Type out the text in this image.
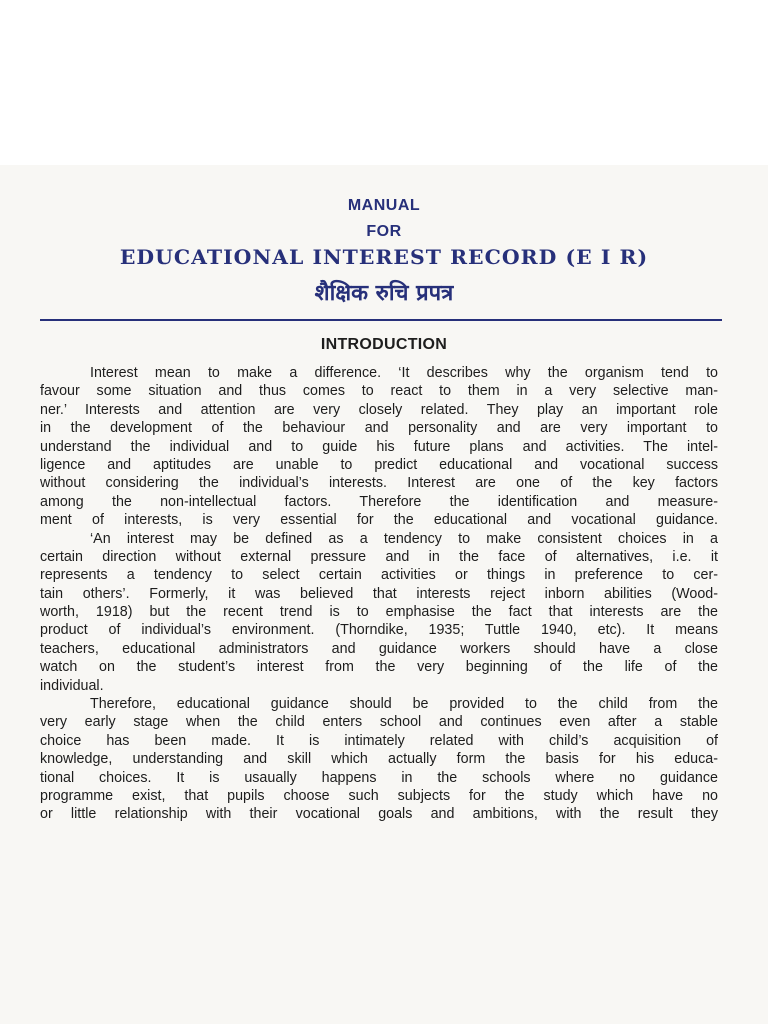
MANUAL
FOR
EDUCATIONAL INTEREST RECORD (E I R)
शैक्षिक रुचि प्रपत्र
INTRODUCTION
Interest mean to make a difference. ‘It describes why the organism tend to
favour some situation and thus comes to react to them in a very selective man-
ner.’ Interests and attention are very closely related. They play an important role
in the development of the behaviour and personality and are very important to
understand the individual and to guide his future plans and activities. The intel-
ligence and aptitudes are unable to predict educational and vocational success
without considering the individual’s interests. Interest are one of the key factors
among the non-intellectual factors. Therefore the identification and measure-
ment of interests, is very essential for the educational and vocational guidance.
‘An interest may be defined as a tendency to make consistent choices in a
certain direction without external pressure and in the face of alternatives, i.e. it
represents a tendency to select certain activities or things in preference to cer-
tain others’. Formerly, it was believed that interests reject inborn abilities (Wood-
worth, 1918) but the recent trend is to emphasise the fact that interests are the
product of individual’s environment. (Thorndike, 1935; Tuttle 1940, etc). It means
teachers, educational administrators and guidance workers should have a close
watch on the student’s interest from the very beginning of the life of the
individual.
Therefore, educational guidance should be provided to the child from the
very early stage when the child enters school and continues even after a stable
choice has been made. It is intimately related with child’s acquisition of
knowledge, understanding and skill which actually form the basis for his educa-
tional choices. It is usaually happens in the schools where no guidance
programme exist, that pupils choose such subjects for the study which have no
or little relationship with their vocational goals and ambitions, with the result they
